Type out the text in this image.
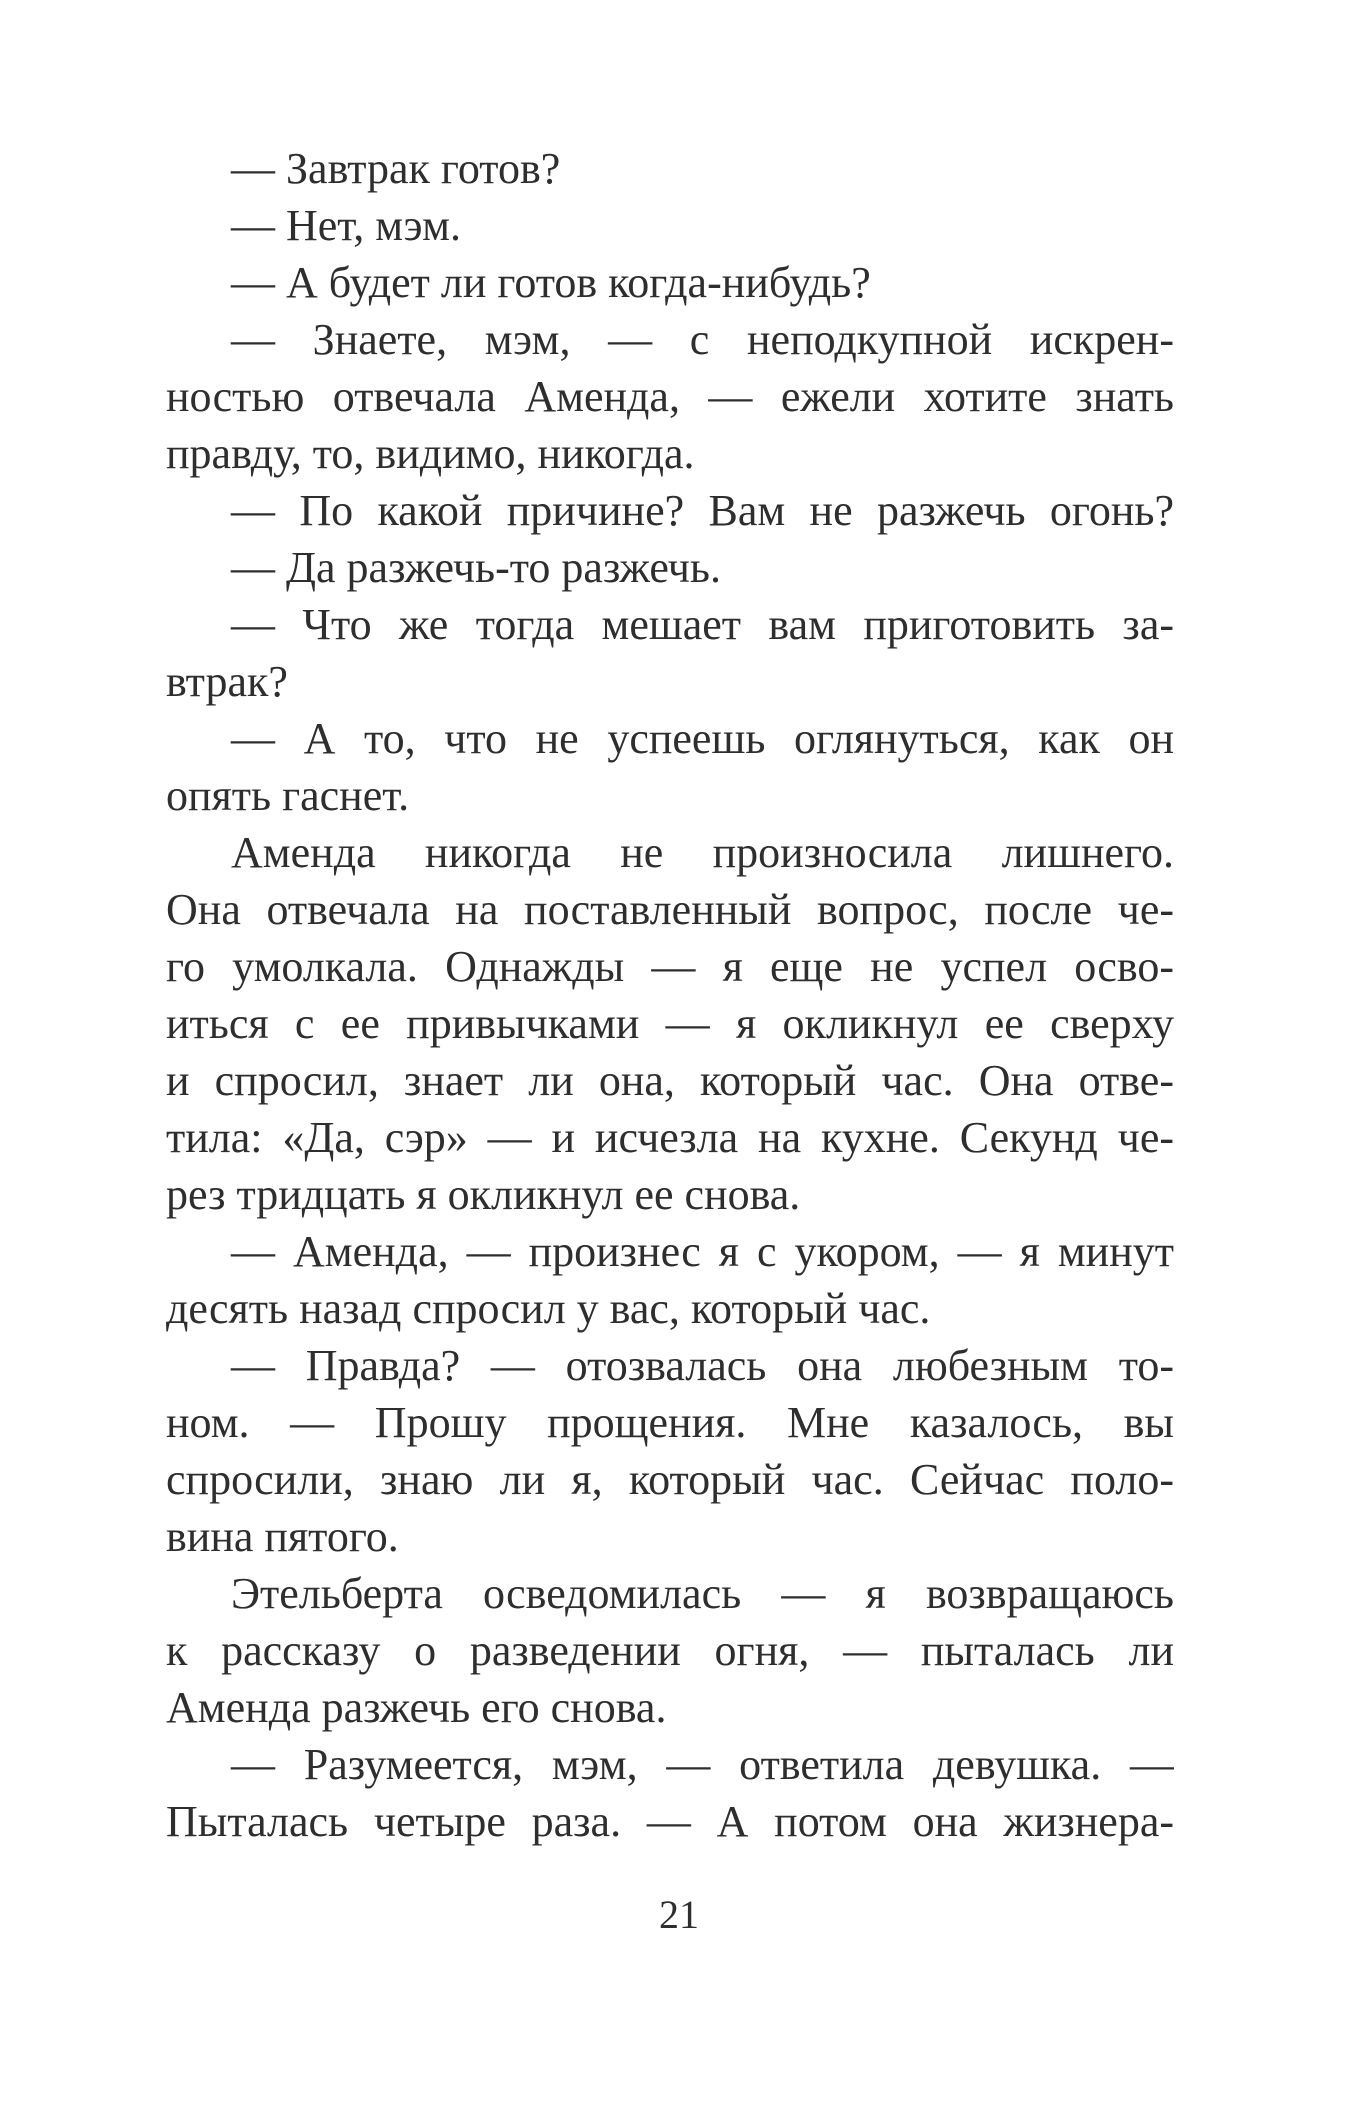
— Завтрак готов?
— Нет, мэм.
— А будет ли готов когда-нибудь?
— Знаете, мэм, — с неподкупной искрен-
ностью отвечала Аменда, — ежели хотите знать
правду, то, видимо, никогда.
— По какой причине? Вам не разжечь огонь?
— Да разжечь-то разжечь.
— Что же тогда мешает вам приготовить за-
втрак?
— А то, что не успеешь оглянуться, как он
опять гаснет.
Аменда никогда не произносила лишнего.
Она отвечала на поставленный вопрос, после че-
го умолкала. Однажды — я еще не успел осво-
иться с ее привычками — я окликнул ее сверху
и спросил, знает ли она, который час. Она отве-
тила: «Да, сэр» — и исчезла на кухне. Секунд че-
рез тридцать я окликнул ее снова.
— Аменда, — произнес я с укором, — я минут
десять назад спросил у вас, который час.
— Правда? — отозвалась она любезным то-
ном. — Прошу прощения. Мне казалось, вы
спросили, знаю ли я, который час. Сейчас поло-
вина пятого.
Этельберта осведомилась — я возвращаюсь
к рассказу о разведении огня, — пыталась ли
Аменда разжечь его снова.
— Разумеется, мэм, — ответила девушка. —
Пыталась четыре раза. — А потом она жизнера-
21
